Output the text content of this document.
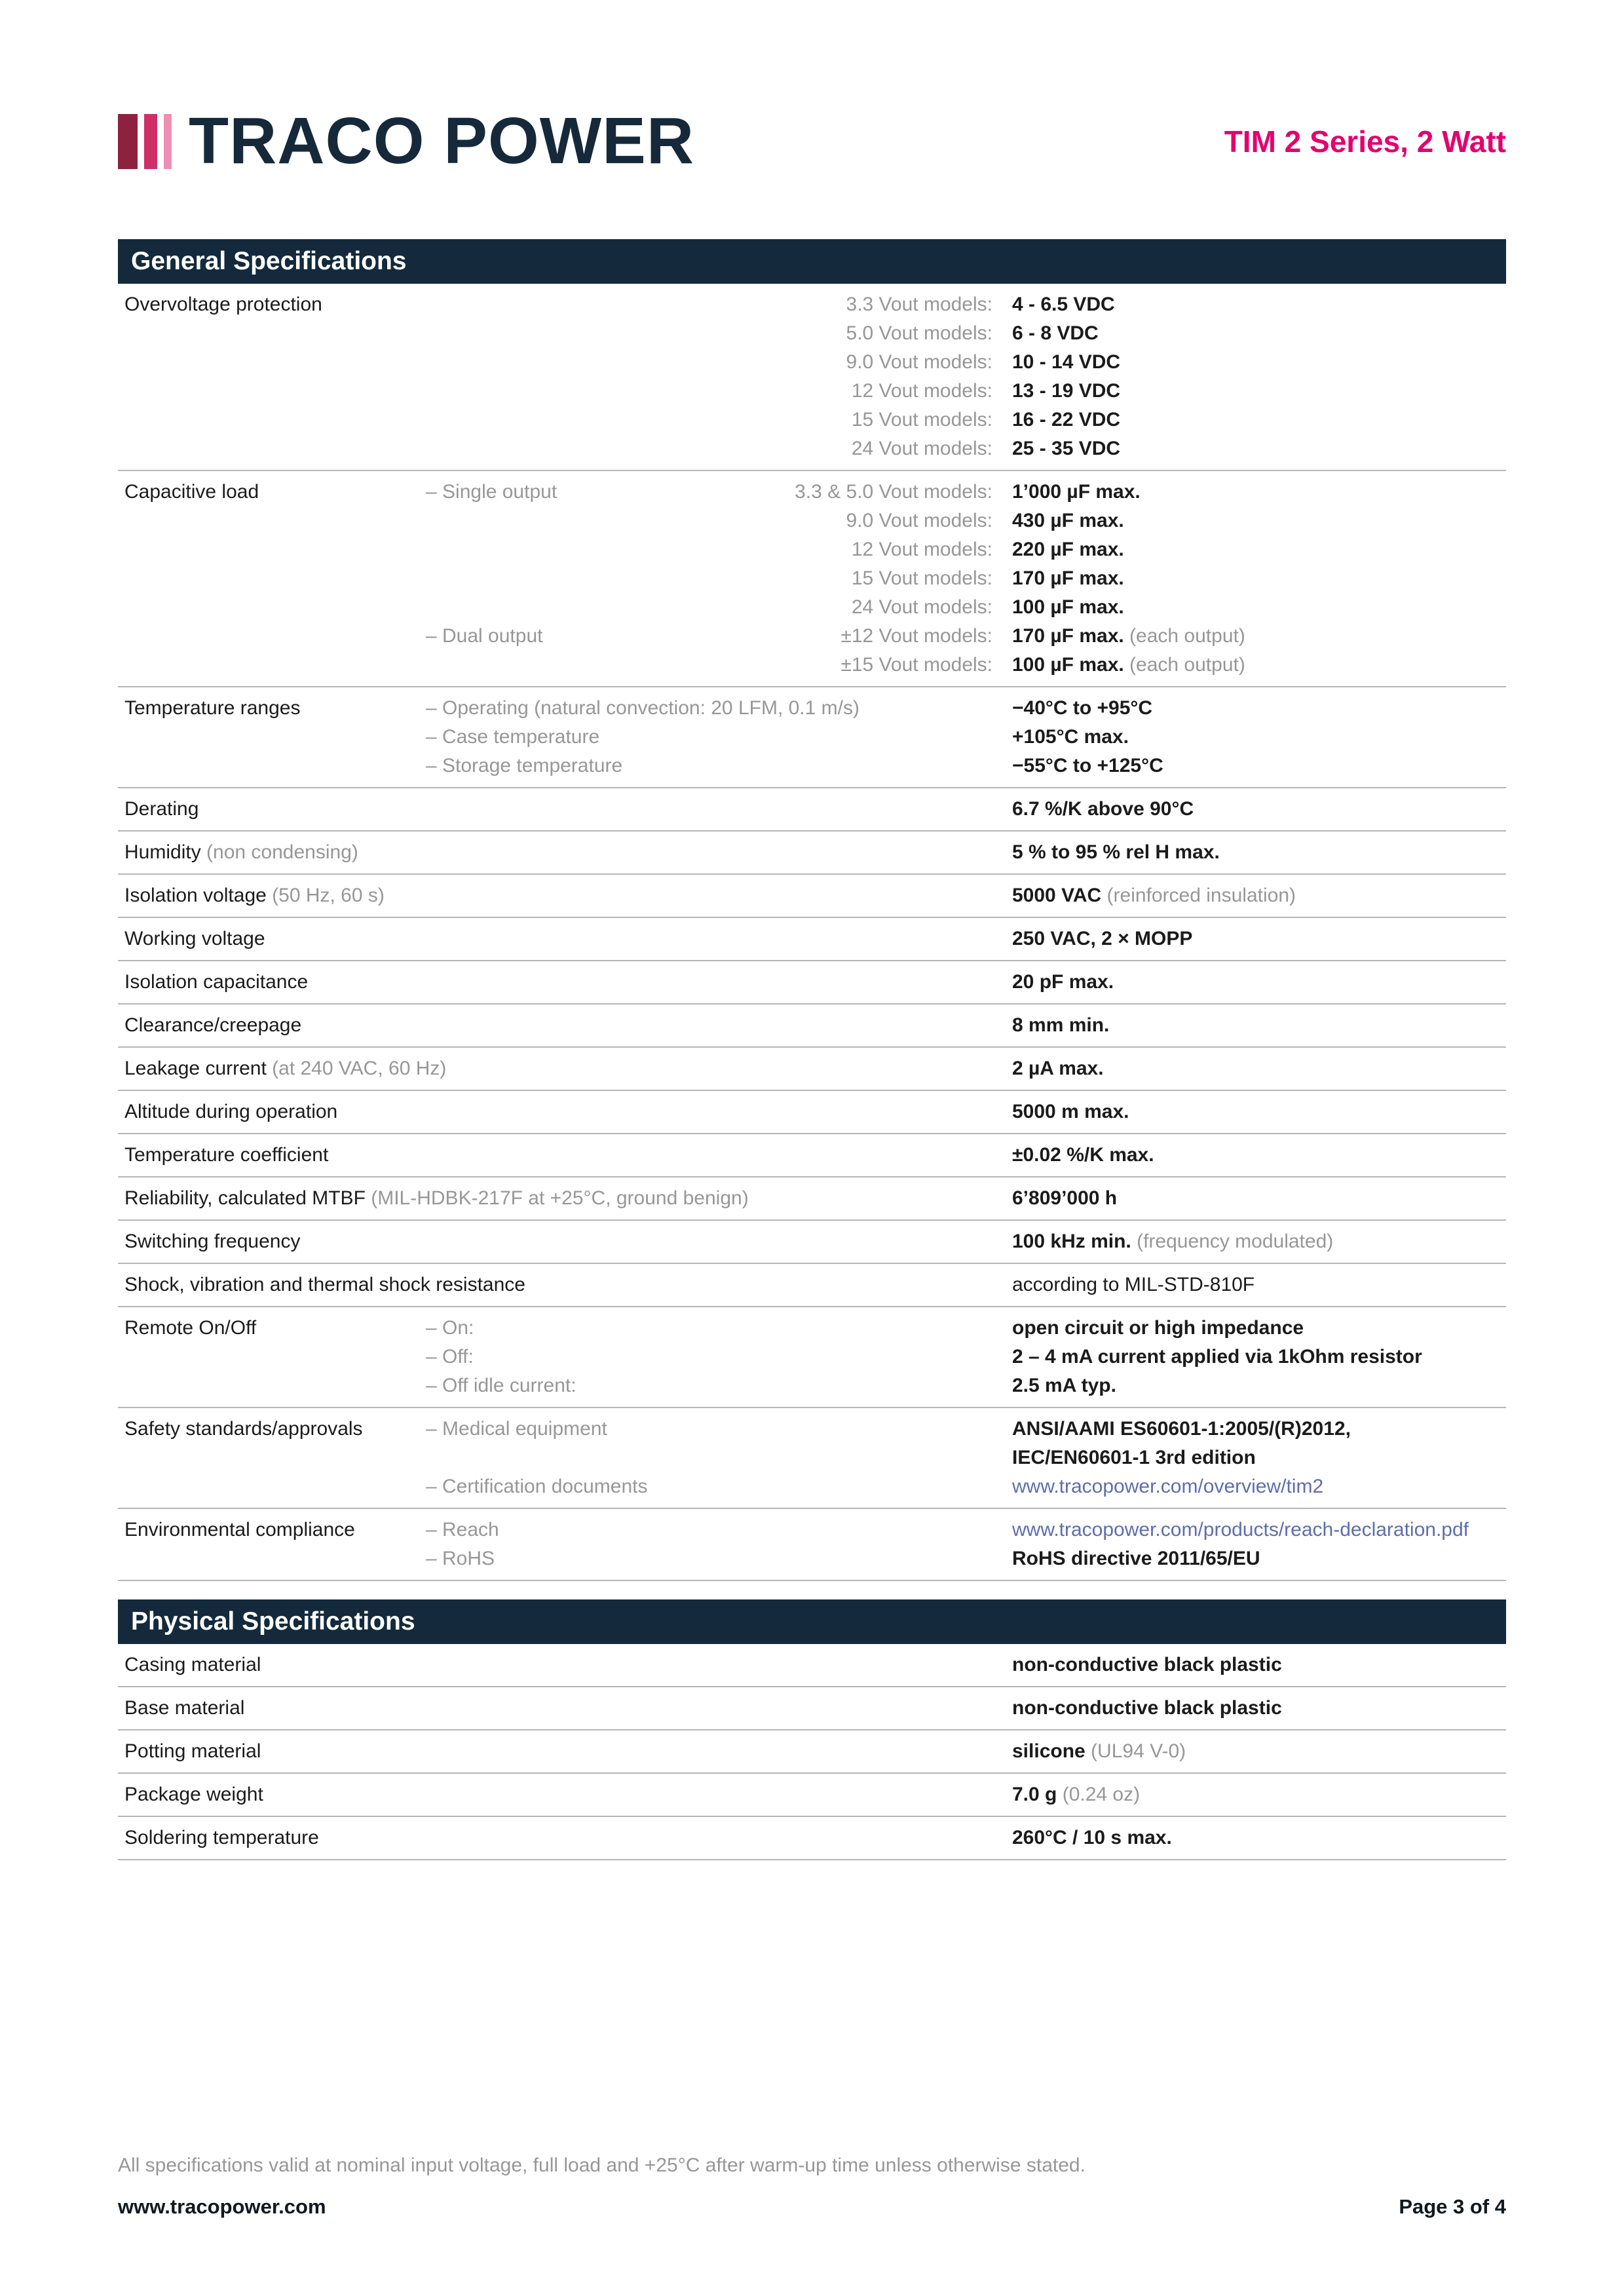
TRACO POWER	TIM 2 Series, 2 Watt
General Specifications
Overvoltage protection	3.3 Vout models:	4 - 6.5 VDC
5.0 Vout models:	6 - 8 VDC
9.0 Vout models:	10 - 14 VDC
12 Vout models:	13 - 19 VDC
15 Vout models:	16 - 22 VDC
24 Vout models:	25 - 35 VDC
Capacitive load	– Single output	3.3 & 5.0 Vout models:	1’000 µF max.
9.0 Vout models:	430 µF max.
12 Vout models:	220 µF max.
15 Vout models:	170 µF max.
24 Vout models:	100 µF max.
– Dual output	±12 Vout models:	170 µF max. (each output)
±15 Vout models:	100 µF max. (each output)
Temperature ranges	– Operating (natural convection: 20 LFM, 0.1 m/s)	−40°C to +95°C
– Case temperature	+105°C max.
– Storage temperature	−55°C to +125°C
Derating	6.7 %/K above 90°C
Humidity (non condensing)	5 % to 95 % rel H max.
Isolation voltage (50 Hz, 60 s)	5000 VAC (reinforced insulation)
Working voltage	250 VAC, 2 × MOPP
Isolation capacitance	20 pF max.
Clearance/creepage	8 mm min.
Leakage current (at 240 VAC, 60 Hz)	2 µA max.
Altitude during operation	5000 m max.
Temperature coefficient	±0.02 %/K max.
Reliability, calculated MTBF (MIL-HDBK-217F at +25°C, ground benign)	6’809’000 h
Switching frequency	100 kHz min. (frequency modulated)
Shock, vibration and thermal shock resistance	according to MIL-STD-810F
Remote On/Off	– On:	open circuit or high impedance
– Off:	2 – 4 mA current applied via 1kOhm resistor
– Off idle current:	2.5 mA typ.
Safety standards/approvals	– Medical equipment	ANSI/AAMI ES60601-1:2005/(R)2012,
IEC/EN60601-1 3rd edition
– Certification documents	www.tracopower.com/overview/tim2
Environmental compliance	– Reach	www.tracopower.com/products/reach-declaration.pdf
– RoHS	RoHS directive 2011/65/EU
Physical Specifications
Casing material	non-conductive black plastic
Base material	non-conductive black plastic
Potting material	silicone (UL94 V-0)
Package weight	7.0 g (0.24 oz)
Soldering temperature	260°C / 10 s max.
All specifications valid at nominal input voltage, full load and +25°C after warm-up time unless otherwise stated.
www.tracopower.com	Page 3 of 4
